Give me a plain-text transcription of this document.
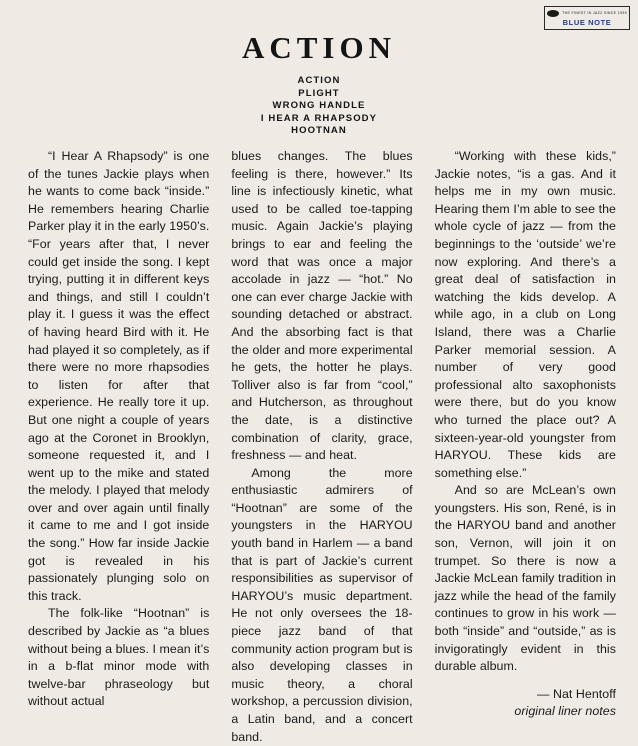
THE FINEST IN JAZZ SINCE 1939
BLUE NOTE
ACTION
ACTION
PLIGHT
WRONG HANDLE
I HEAR A RHAPSODY
HOOTNAN

“I Hear A Rhapsody” is one of the tunes Jackie plays when he wants to come back “inside.” He remembers hearing Charlie Parker play it in the early 1950’s. “For years after that, I never could get inside the song. I kept trying, putting it in different keys and things, and still I couldn’t play it. I guess it was the effect of having heard Bird with it. He had played it so completely, as if there were no more rhapsodies to listen for after that experience. He really tore it up. But one night a couple of years ago at the Coronet in Brooklyn, someone requested it, and I went up to the mike and stated the melody. I played that melody over and over again until finally it came to me and I got inside the song.” How far inside Jackie got is revealed in his passionately plunging solo on this track.

The folk-like “Hootnan” is described by Jackie as “a blues without being a blues. I mean it’s in a b-flat minor mode with twelve-bar phraseology but without actual

blues changes. The blues feeling is there, however.” Its line is infectiously kinetic, what used to be called toe-tapping music. Again Jackie’s playing brings to ear and feeling the word that was once a major accolade in jazz — “hot.” No one can ever charge Jackie with sounding detached or abstract. And the absorbing fact is that the older and more experimental he gets, the hotter he plays. Tolliver also is far from “cool,” and Hutcherson, as throughout the date, is a distinctive combination of clarity, grace, freshness — and heat.

Among the more enthusiastic admirers of “Hootnan” are some of the youngsters in the HARYOU youth band in Harlem — a band that is part of Jackie’s current responsibilities as supervisor of HARYOU’s music department. He not only oversees the 18-piece jazz band of that community action program but is also developing classes in music theory, a choral workshop, a percussion division, a Latin band, and a concert band.

“Working with these kids,” Jackie notes, “is a gas. And it helps me in my own music. Hearing them I’m able to see the whole cycle of jazz — from the beginnings to the ‘outside’ we’re now exploring. And there’s a great deal of satisfaction in watching the kids develop. A while ago, in a club on Long Island, there was a Charlie Parker memorial session. A number of very good professional alto saxophonists were there, but do you know who turned the place out? A sixteen-year-old youngster from HARYOU. These kids are something else.”

And so are McLean’s own youngsters. His son, René, is in the HARYOU band and another son, Vernon, will join it on trumpet. So there is now a Jackie McLean family tradition in jazz while the head of the family continues to grow in his work — both “inside” and “outside,” as is invigoratingly evident in this durable album.

— Nat Hentoff
original liner notes
